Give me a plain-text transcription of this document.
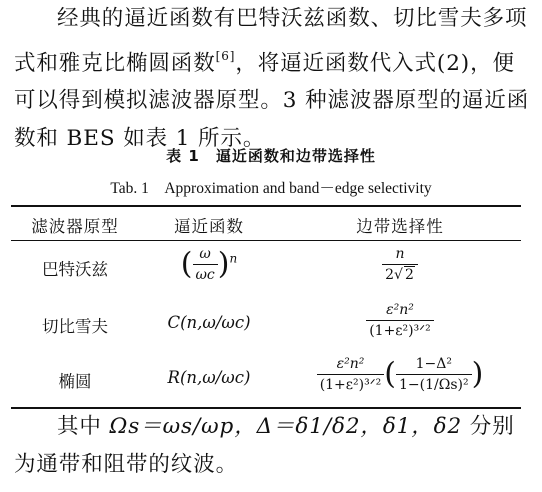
经典的逼近函数有巴特沃兹函数、切比雪夫多项式和雅克比椭圆函数[6]，将逼近函数代入式(2)，便可以得到模拟滤波器原型。3 种滤波器原型的逼近函数和 BES 如表 1 所示。

表 1　逼近函数和边带选择性
Tab. 1　Approximation and band－edge selectivity
滤波器原型	逼近函数	边带选择性
巴特沃兹	( $\frac{\omega}{\omega c} )^n$	$\frac{n}{2√ 2}$
切比雪夫	C(n,ω/ωc)	$\frac{\text{ε²n²}}{\text{(1+ε²)³ᐟ²}}$
椭圆	R(n,ω/ωc)	$\frac{\text{ε²n²}}{\text{(1+ε²)³ᐟ²}}$ ( $\frac{\text{1−Δ²}}{\text{1−(1/Ωs)²}}$ )

其中 Ωs＝ωs/ωp，Δ＝δ1/δ2，δ1，δ2 分别为通带和阻带的纹波。
